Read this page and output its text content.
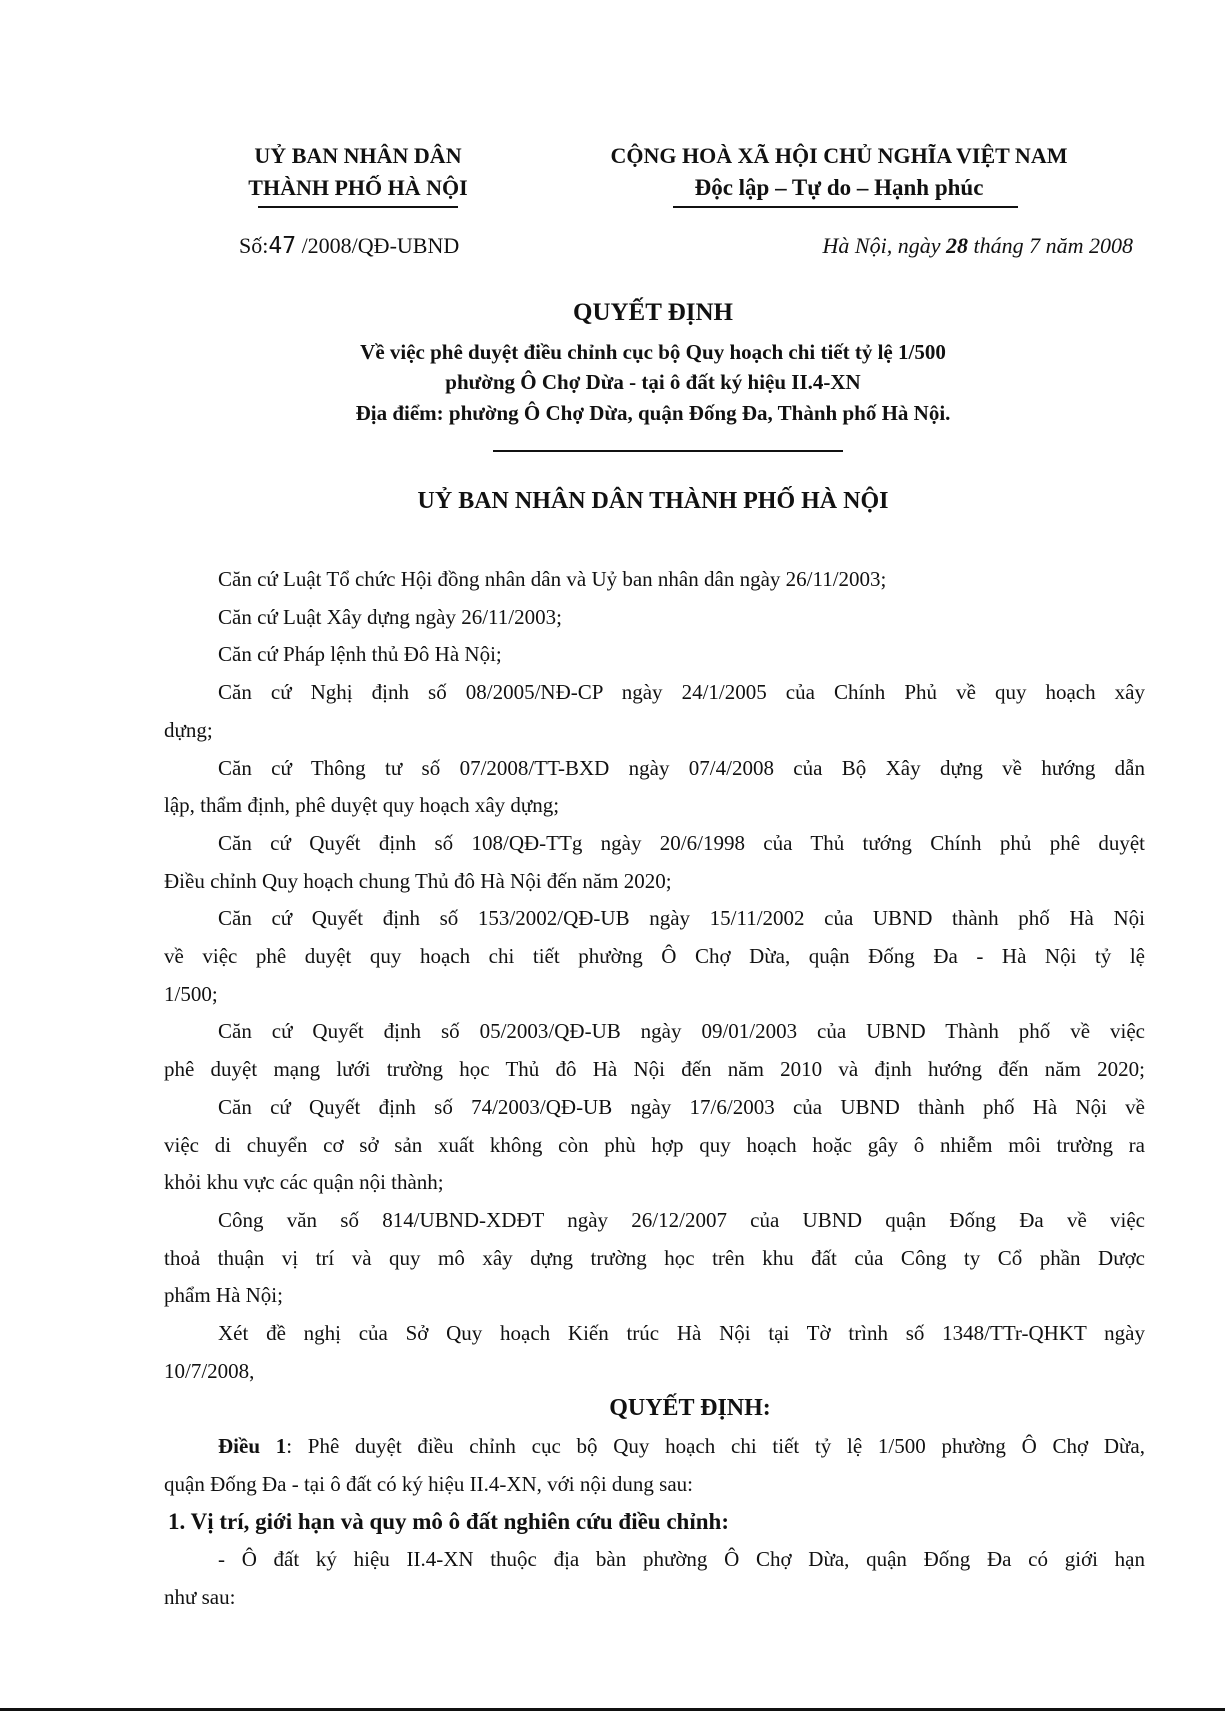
UỶ BAN NHÂN DÂN
THÀNH PHỐ HÀ NỘI
CỘNG HOÀ XÃ HỘI CHỦ NGHĨA VIỆT NAM
Độc lập – Tự do – Hạnh phúc
Số:47 /2008/QĐ-UBND	Hà Nội, ngày 28 tháng 7 năm 2008
QUYẾT ĐỊNH
Về việc phê duyệt điều chỉnh cục bộ Quy hoạch chi tiết tỷ lệ 1/500
phường Ô Chợ Dừa - tại ô đất ký hiệu II.4-XN
Địa điểm: phường Ô Chợ Dừa, quận Đống Đa, Thành phố Hà Nội.
UỶ BAN NHÂN DÂN THÀNH PHỐ HÀ NỘI
Căn cứ Luật Tổ chức Hội đồng nhân dân và Uỷ ban nhân dân ngày 26/11/2003;
Căn cứ Luật Xây dựng ngày 26/11/2003;
Căn cứ Pháp lệnh thủ Đô Hà Nội;
Căn cứ Nghị định số 08/2005/NĐ-CP ngày 24/1/2005 của Chính Phủ về quy hoạch xây
dựng;
Căn cứ Thông tư số 07/2008/TT-BXD ngày 07/4/2008 của Bộ Xây dựng về hướng dẫn
lập, thẩm định, phê duyệt quy hoạch xây dựng;
Căn cứ Quyết định số 108/QĐ-TTg ngày 20/6/1998 của Thủ tướng Chính phủ phê duyệt
Điều chỉnh Quy hoạch chung Thủ đô Hà Nội đến năm 2020;
Căn cứ Quyết định số 153/2002/QĐ-UB ngày 15/11/2002 của UBND thành phố Hà Nội
về việc phê duyệt quy hoạch chi tiết phường Ô Chợ Dừa, quận Đống Đa - Hà Nội tỷ lệ
1/500;
Căn cứ Quyết định số 05/2003/QĐ-UB ngày 09/01/2003 của UBND Thành phố về việc
phê duyệt mạng lưới trường học Thủ đô Hà Nội đến năm 2010 và định hướng đến năm 2020;
Căn cứ Quyết định số 74/2003/QĐ-UB ngày 17/6/2003 của UBND thành phố Hà Nội về
việc di chuyển cơ sở sản xuất không còn phù hợp quy hoạch hoặc gây ô nhiễm môi trường ra
khỏi khu vực các quận nội thành;
Công văn số 814/UBND-XDĐT ngày 26/12/2007 của UBND quận Đống Đa về việc
thoả thuận vị trí và quy mô xây dựng trường học trên khu đất của Công ty Cổ phần Dược
phẩm Hà Nội;
Xét đề nghị của Sở Quy hoạch Kiến trúc Hà Nội tại Tờ trình số 1348/TTr-QHKT ngày
10/7/2008,
QUYẾT ĐỊNH:
Điều 1: Phê duyệt điều chỉnh cục bộ Quy hoạch chi tiết tỷ lệ 1/500 phường Ô Chợ Dừa,
quận Đống Đa - tại ô đất có ký hiệu II.4-XN, với nội dung sau:
1. Vị trí, giới hạn và quy mô ô đất nghiên cứu điều chỉnh:
- Ô đất ký hiệu II.4-XN thuộc địa bàn phường Ô Chợ Dừa, quận Đống Đa có giới hạn
như sau:
